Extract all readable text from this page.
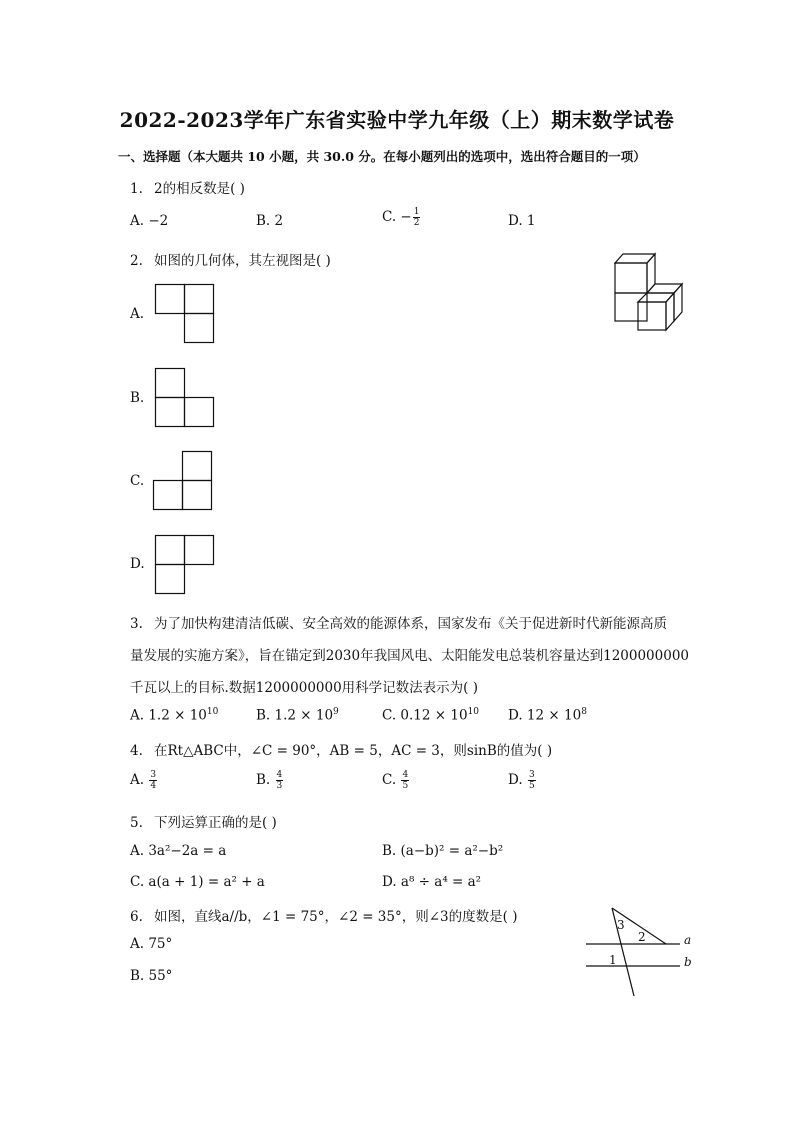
2022-2023学年广东省实验中学九年级（上）期末数学试卷
一、选择题（本大题共 10 小题，共 30.0 分。在每小题列出的选项中，选出符合题目的一项）
1. 2的相反数是( )
A. −2	B. 2	C. − $\frac{1}{2}$	D. 1
2. 如图的几何体，其左视图是( )
A.
B.
C.
D.
3. 为了加快构建清洁低碳、安全高效的能源体系，国家发布《关于促进新时代新能源高质
量发展的实施方案》，旨在锚定到2030年我国风电、太阳能发电总装机容量达到1200000000
千瓦以上的目标.数据1200000000用科学记数法表示为( )
A. $1.2 \times 10^{10}$	B. $1.2 \times 10^9$	C. $0.12 \times 10^{10}$ D. $12 \times 10^8$
4. 在Rt△ABC中，∠C = 90°，AB = 5，AC = 3，则sinB的值为( )
A. $\frac{3}{4}$	B. $\frac{4}{3}$	C. $\frac{4}{5}$	D. $\frac{3}{5}$
5. 下列运算正确的是( )
A. 3a²−2a = a	B. (a−b)² = a²−b²
C. a(a + 1) = a² + a	D. a⁸ ÷ a⁴ = a²
6. 如图，直线a//b，∠1 = 75°，∠2 = 35°，则∠3的度数是( )
A. 75°
B. 55°
3
2
1
a
b
